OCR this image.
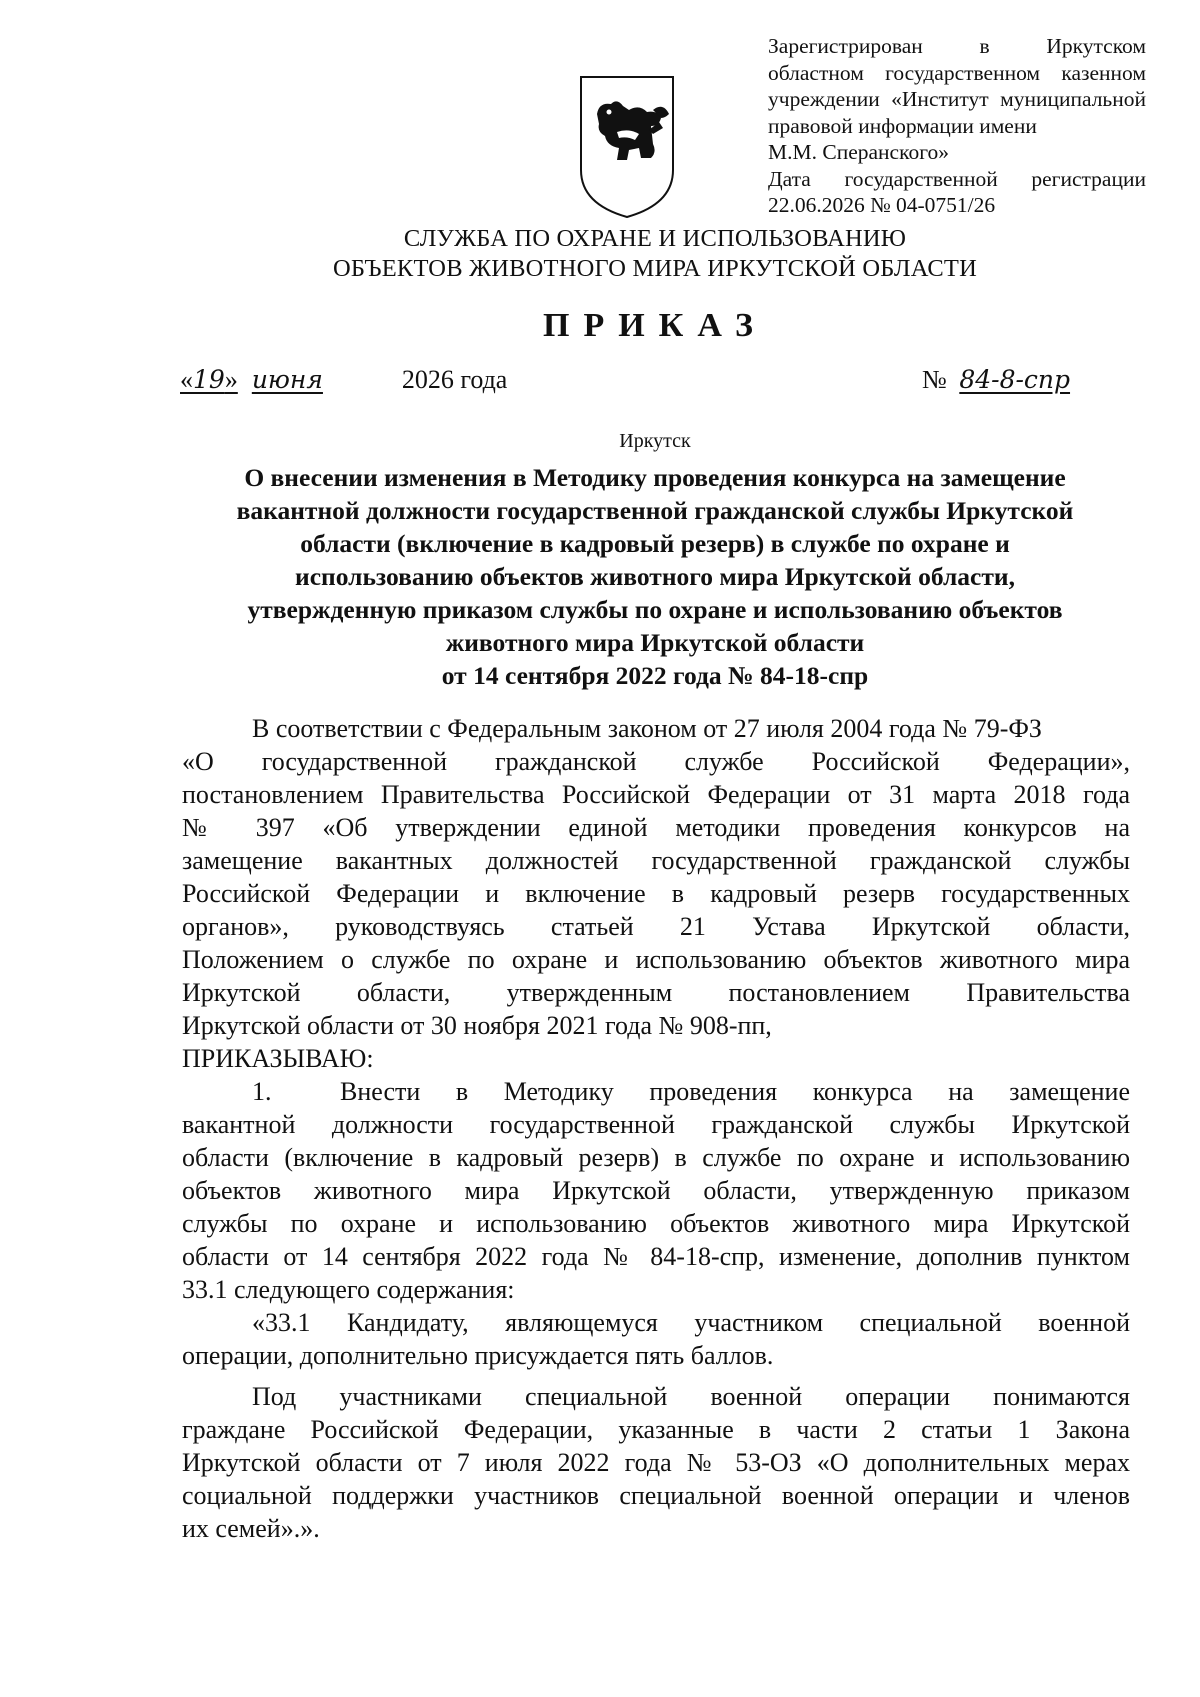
Зарегистрирован в Иркутском
областном государственном казенном
учреждении «Институт муниципальной
правовой информации имени
М.М. Сперанского»
Дата государственной регистрации
22.06.2026 № 04-0751/26
СЛУЖБА ПО ОХРАНЕ И ИСПОЛЬЗОВАНИЮ
ОБЪЕКТОВ ЖИВОТНОГО МИРА ИРКУТСКОЙ ОБЛАСТИ
ПРИКАЗ
«19» июня	2026 года	№ 84-8-спр
Иркутск
О внесении изменения в Методику проведения конкурса на замещение
вакантной должности государственной гражданской службы Иркутской
области (включение в кадровый резерв) в службе по охране и
использованию объектов животного мира Иркутской области,
утвержденную приказом службы по охране и использованию объектов
животного мира Иркутской области
от 14 сентября 2022 года № 84-18-спр
В соответствии с Федеральным законом от 27 июля 2004 года № 79-ФЗ
«О государственной гражданской службе Российской Федерации»,
постановлением Правительства Российской Федерации от 31 марта 2018 года
№ 397 «Об утверждении единой методики проведения конкурсов на
замещение вакантных должностей государственной гражданской службы
Российской Федерации и включение в кадровый резерв государственных
органов», руководствуясь статьей 21 Устава Иркутской области,
Положением о службе по охране и использованию объектов животного мира
Иркутской области, утвержденным постановлением Правительства
Иркутской области от 30 ноября 2021 года № 908-пп,
ПРИКАЗЫВАЮ:
1.	Внести в Методику проведения конкурса на замещение
вакантной должности государственной гражданской службы Иркутской
области (включение в кадровый резерв) в службе по охране и использованию
объектов животного мира Иркутской области, утвержденную приказом
службы по охране и использованию объектов животного мира Иркутской
области от 14 сентября 2022 года № 84-18-спр, изменение, дополнив пунктом
33.1 следующего содержания:
«33.1 Кандидату, являющемуся участником специальной военной
операции, дополнительно присуждается пять баллов.
Под участниками специальной военной операции понимаются
граждане Российской Федерации, указанные в части 2 статьи 1 Закона
Иркутской области от 7 июля 2022 года № 53-ОЗ «О дополнительных мерах
социальной поддержки участников специальной военной операции и членов
их семей».».
